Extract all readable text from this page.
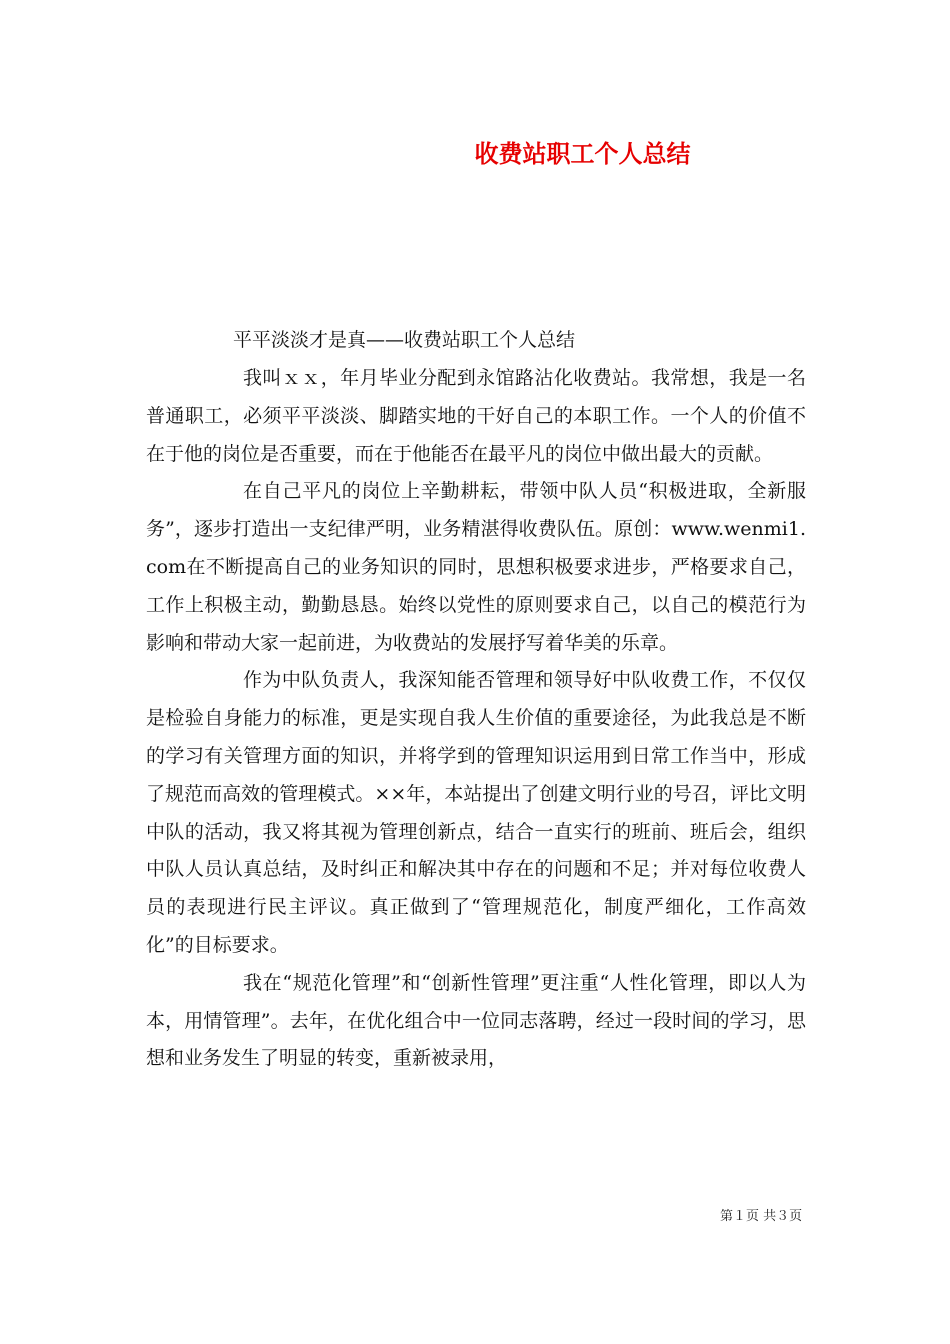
收费站职工个人总结
平平淡淡才是真——收费站职工个人总结

我叫ｘｘ，年月毕业分配到永馆路沾化收费站。我常想，我是一名普通职工，必须平平淡淡、脚踏实地的干好自己的本职工作。一个人的价值不在于他的岗位是否重要，而在于他能否在最平凡的岗位中做出最大的贡献。

在自己平凡的岗位上辛勤耕耘，带领中队人员“积极进取，全新服务”，逐步打造出一支纪律严明，业务精湛得收费队伍。原创：www.wenmi1.com在不断提高自己的业务知识的同时，思想积极要求进步，严格要求自己，工作上积极主动，勤勤恳恳。始终以党性的原则要求自己，以自己的模范行为影响和带动大家一起前进，为收费站的发展抒写着华美的乐章。

作为中队负责人，我深知能否管理和领导好中队收费工作，不仅仅是检验自身能力的标准，更是实现自我人生价值的重要途径，为此我总是不断的学习有关管理方面的知识，并将学到的管理知识运用到日常工作当中，形成了规范而高效的管理模式。××年，本站提出了创建文明行业的号召，评比文明中队的活动，我又将其视为管理创新点，结合一直实行的班前、班后会，组织中队人员认真总结，及时纠正和解决其中存在的问题和不足；并对每位收费人员的表现进行民主评议。真正做到了“管理规范化，制度严细化，工作高效化”的目标要求。

我在“规范化管理”和“创新性管理”更注重“人性化管理，即以人为本，用情管理”。去年，在优化组合中一位同志落聘，经过一段时间的学习，思想和业务发生了明显的转变，重新被录用，

第１页 共３页
